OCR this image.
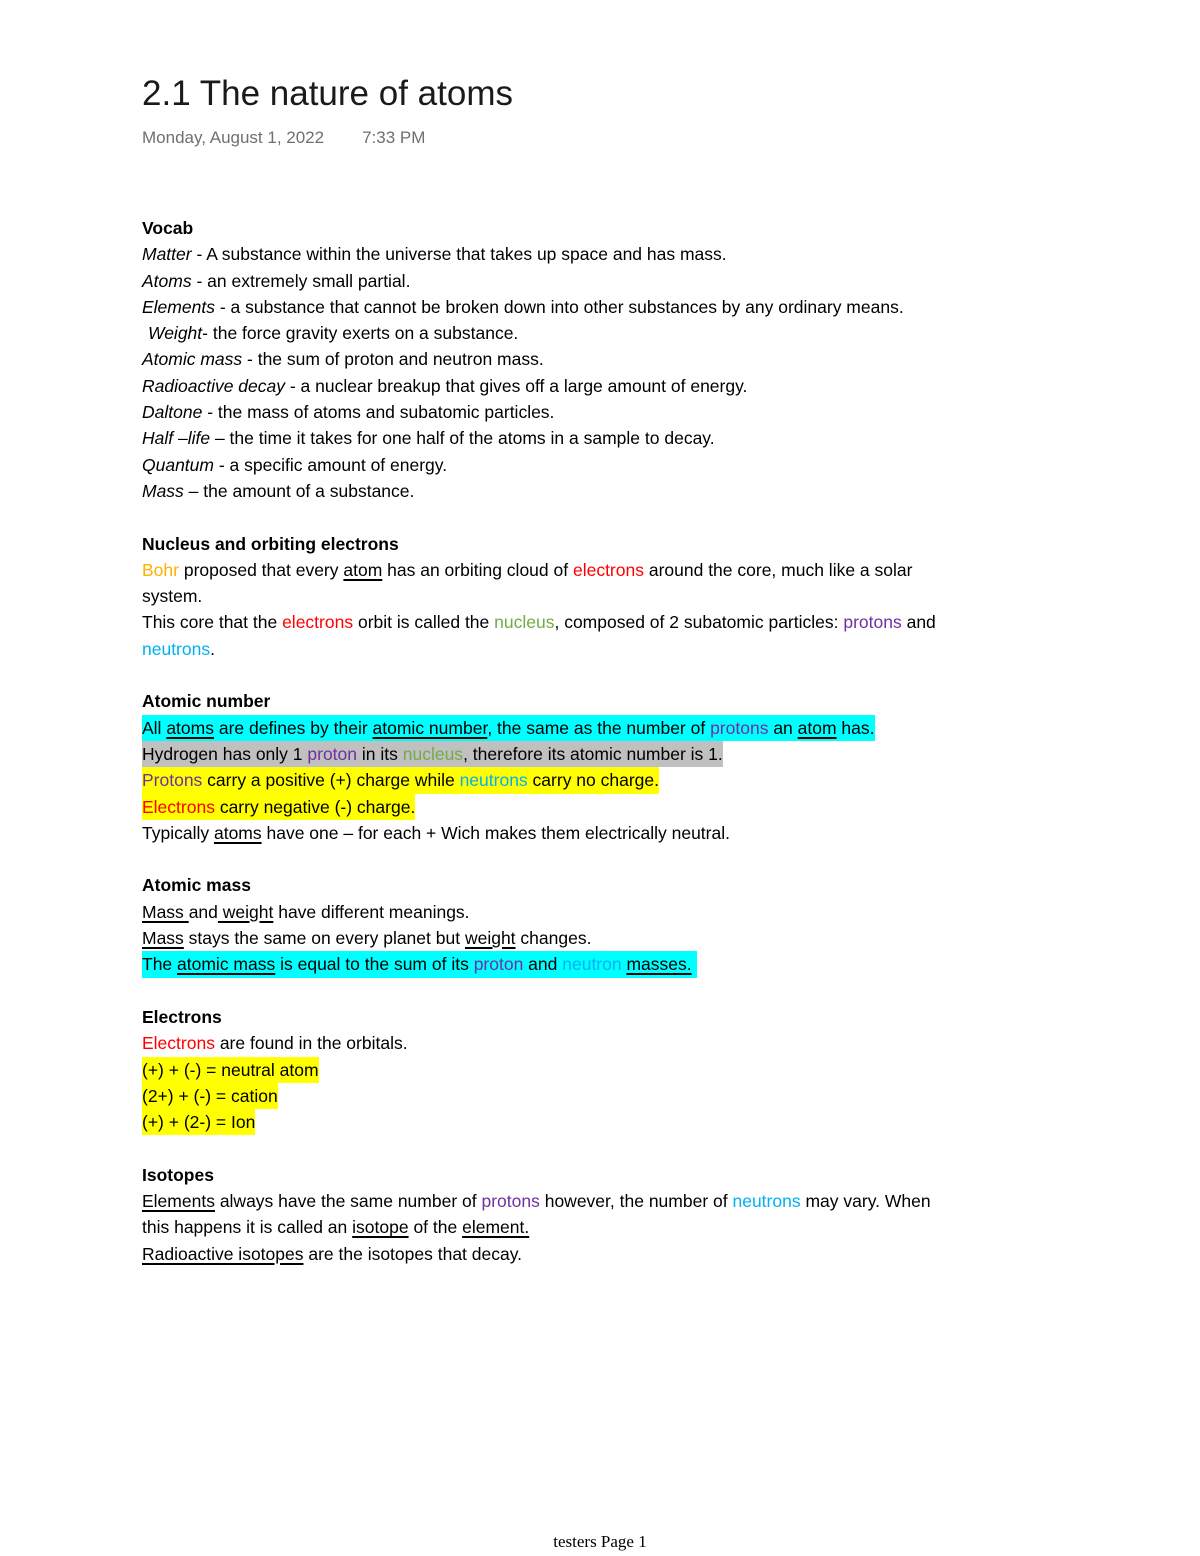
2.1 The nature of atoms
Monday, August 1, 2022 7:33 PM
Vocab
Matter - A substance within the universe that takes up space and has mass.
Atoms - an extremely small partial.
Elements - a substance that cannot be broken down into other substances by any ordinary means.
Weight- the force gravity exerts on a substance.
Atomic mass - the sum of proton and neutron mass.
Radioactive decay - a nuclear breakup that gives off a large amount of energy.
Daltone - the mass of atoms and subatomic particles.
Half –life – the time it takes for one half of the atoms in a sample to decay.
Quantum - a specific amount of energy.
Mass – the amount of a substance.
Nucleus and orbiting electrons
Bohr proposed that every atom has an orbiting cloud of electrons around the core, much like a solar
system.
This core that the electrons orbit is called the nucleus, composed of 2 subatomic particles: protons and
neutrons.
Atomic number
All atoms are defines by their atomic number, the same as the number of protons an atom has.
Hydrogen has only 1 proton in its nucleus, therefore its atomic number is 1.
Protons carry a positive (+) charge while neutrons carry no charge.
Electrons carry negative (-) charge.
Typically atoms have one – for each + Wich makes them electrically neutral.
Atomic mass
Mass and weight have different meanings.
Mass stays the same on every planet but weight changes.
The atomic mass is equal to the sum of its proton and neutron masses.
Electrons
Electrons are found in the orbitals.
(+) + (-) = neutral atom
(2+) + (-) = cation
(+) + (2-) = Ion
Isotopes
Elements always have the same number of protons however, the number of neutrons may vary. When
this happens it is called an isotope of the element.
Radioactive isotopes are the isotopes that decay.
testers Page 1
